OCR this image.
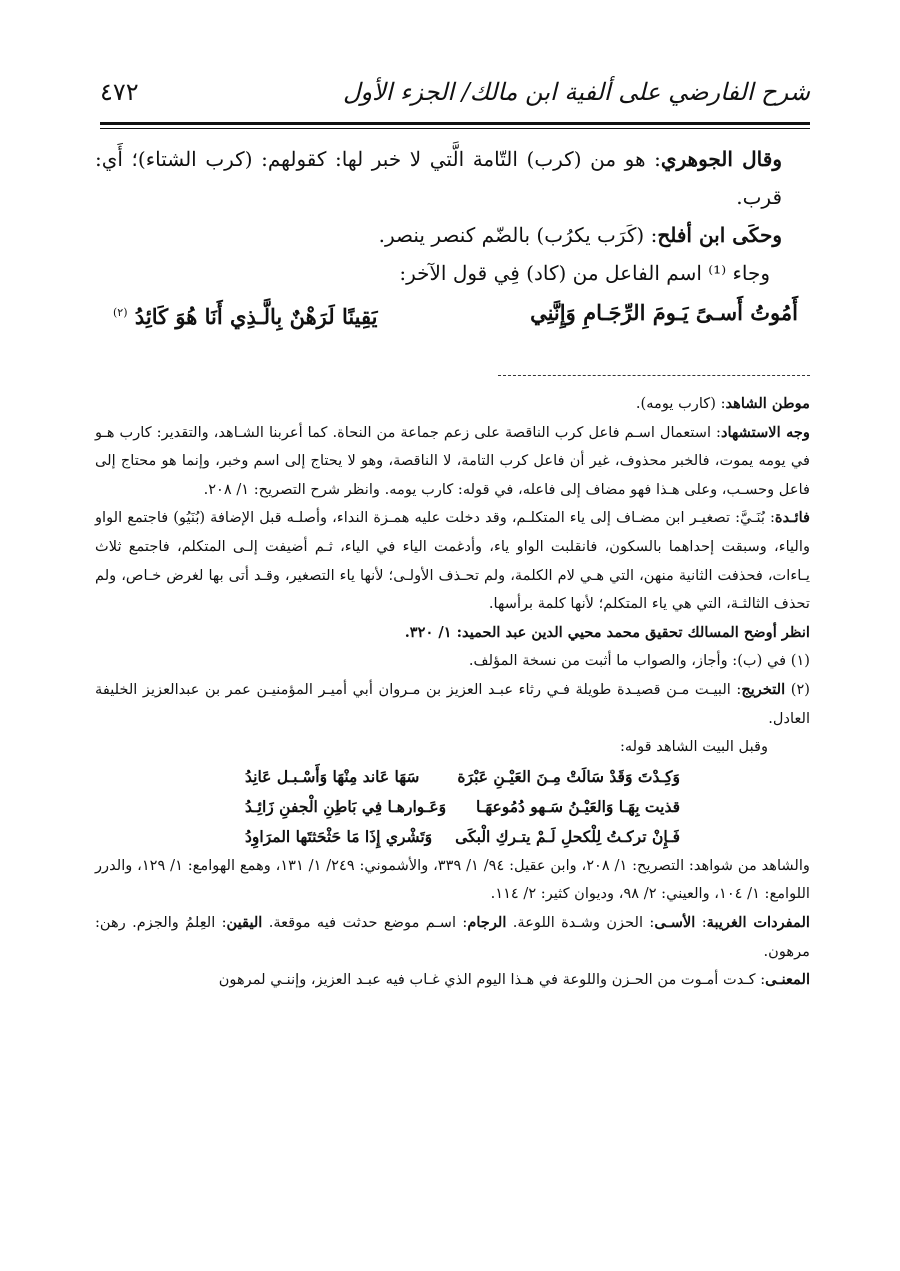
شرح الفارضي على ألفية ابن مالك/ الجزء الأول
٤٧٢

وقال الجوهري: هو من (كرب) التّامة الَّتي لا خبر لها: كقولهم: (كرب الشتاء)؛ أَي: قرب.

وحكَى ابن أفلح: (كَرَب يكرُب) بالضّم كنصر ينصر.

وجاء ⁽¹⁾ اسم الفاعل من (كاد) فِي قول الآخر:

أَمُوتُ أَسـىً يَـومَ الرِّجَـامِ وَإِنَّنِي
يَقِينًا لَرَهْنٌ بِالَّـذِي أَنَا هُوَ كَائِدُ $^{(٢)}$

موطن الشاهد: (كارب يومه).

وجه الاستشهاد: استعمال اسـم فاعل كرب الناقصة على زعم جماعة من النحاة. كما أعربنا الشـاهد، والتقدير: كارب هـو في يومه يموت، فالخبر محذوف، غير أن فاعل كرب التامة، لا الناقصة، وهو لا يحتاج إلى اسم وخبر، وإنما هو محتاج إلى فاعل وحسـب، وعلى هـذا فهو مضاف إلى فاعله، في قوله: كارب يومه. وانظر شرح التصريح: ١/ ٢٠٨.

فائـدة: بُنَـيَّ: تصغيـر ابن مضـاف إلى ياء المتكلـم، وقد دخلت عليه همـزة النداء، وأصلـه قبل الإضافة (بُنَيُو) فاجتمع الواو والياء، وسبقت إحداهما بالسكون، فانقلبت الواو ياء، وأدغمت الياء في الياء، ثـم أضيفت إلـى المتكلم، فاجتمع ثلاث يـاءات، فحذفت الثانية منهن، التي هـي لام الكلمة، ولم تحـذف الأولـى؛ لأنها ياء التصغير، وقـد أتى بها لغرض خـاص، ولم تحذف الثالثـة، التي هي ياء المتكلم؛ لأنها كلمة برأسها.

انظر أوضح المسالك تحقيق محمد محيي الدين عبد الحميد: ١/ ٣٢٠.

(١) في (ب): وأجاز، والصواب ما أثبت من نسخة المؤلف.

(٢) التخريج: البيـت مـن قصيـدة طويلة فـي رثاء عبـد العزيز بن مـروان أبي أميـر المؤمنيـن عمر بن عبدالعزيز الخليفة العادل.

وقبل البيت الشاهد قوله:

وَكِـدْتَ وَقَدْ سَالَتْ مِـنَ العَيْـنِ عَبْرَة
سَهَا عَاند مِنْهَا وَأَسْـبـل عَانِدُ
قذيت بِهَـا وَالعَيْـنُ سَـهو دُمُوعهَـا
وَعَـوارهـا فِي بَاطِنِ الْجفنِ زَائِـدُ
فَـإِنْ تركـتُ لِلْكحلِ لَـمْ يتـركِ الْبكَى
وَتَشْري إِذَا مَا حَثْحَثتَها المرَاوِدُ

والشاهد من شواهد: التصريح: ١/ ٢٠٨، وابن عقيل: ٩٤/ ١/ ٣٣٩، والأشموني: ٢٤٩/ ١/ ١٣١، وهمع الهوامع: ١/ ١٢٩، والدرر اللوامع: ١/ ١٠٤، والعيني: ٢/ ٩٨، وديوان كثير: ٢/ ١١٤.

المفردات الغريبة: الأسـى: الحزن وشـدة اللوعة. الرجام: اسـم موضع حدثت فيه موقعة. اليقين: العِلمُ والجزم. رهن: مرهون.

المعنـى: كـدت أمـوت من الحـزن واللوعة في هـذا اليوم الذي غـاب فيه عبـد العزيز، وإننـي لمرهون
